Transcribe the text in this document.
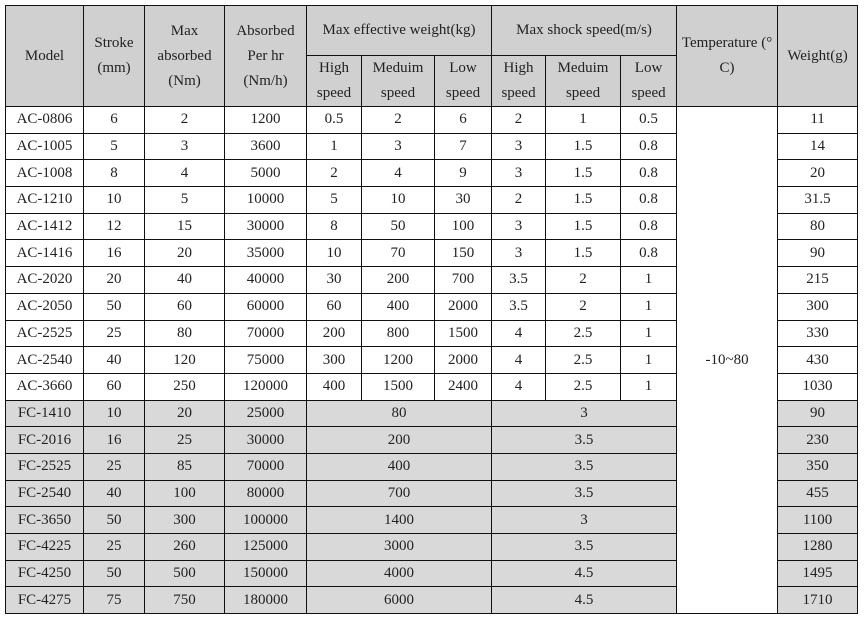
Model	Stroke (mm)	Max absorbed (Nm)	Absorbed Per hr (Nm/h)	Max effective weight(kg)			Max shock speed(m/s)			Temperature (° C)	Weight(g)
				High speed	Meduim speed	Low speed	High speed	Meduim speed	Low speed		
AC-0806	6	2	1200	0.5	2	6	2	1	0.5	-10~80	11
AC-1005	5	3	3600	1	3	7	3	1.5	0.8		14
AC-1008	8	4	5000	2	4	9	3	1.5	0.8		20
AC-1210	10	5	10000	5	10	30	2	1.5	0.8		31.5
AC-1412	12	15	30000	8	50	100	3	1.5	0.8		80
AC-1416	16	20	35000	10	70	150	3	1.5	0.8		90
AC-2020	20	40	40000	30	200	700	3.5	2	1		215
AC-2050	50	60	60000	60	400	2000	3.5	2	1		300
AC-2525	25	80	70000	200	800	1500	4	2.5	1		330
AC-2540	40	120	75000	300	1200	2000	4	2.5	1		430
AC-3660	60	250	120000	400	1500	2400	4	2.5	1		1030
FC-1410	10	20	25000	80			3				90
FC-2016	16	25	30000	200			3.5				230
FC-2525	25	85	70000	400			3.5				350
FC-2540	40	100	80000	700			3.5				455
FC-3650	50	300	100000	1400			3				1100
FC-4225	25	260	125000	3000			3.5				1280
FC-4250	50	500	150000	4000			4.5				1495
FC-4275	75	750	180000	6000			4.5				1710
